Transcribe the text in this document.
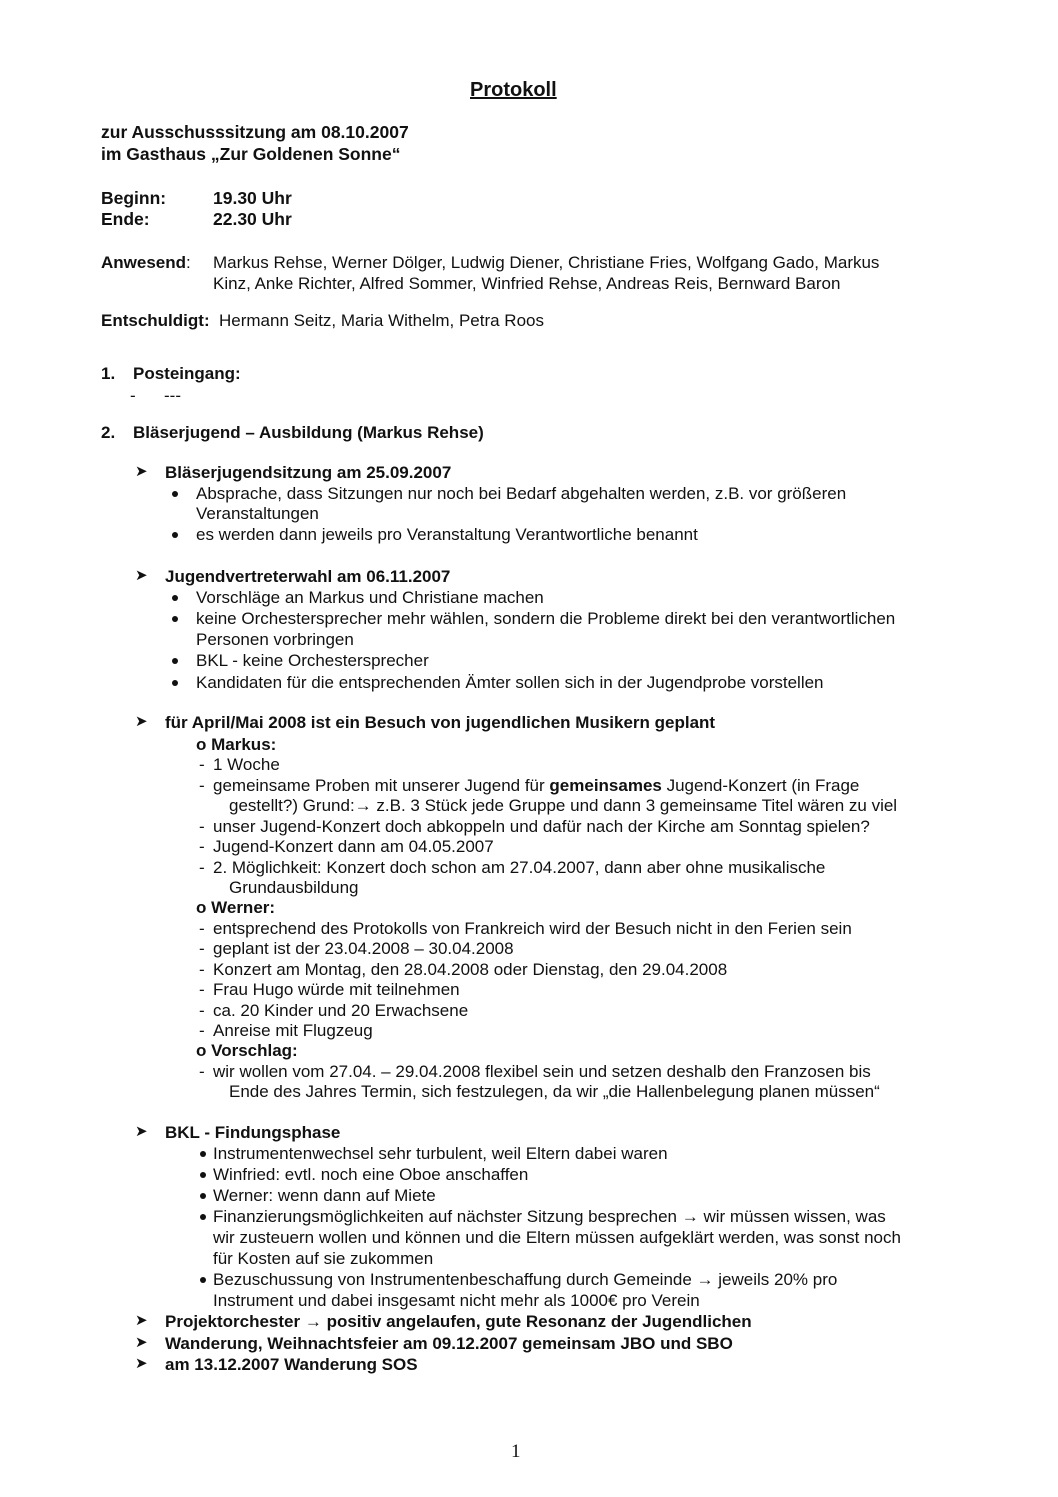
Protokoll
zur Ausschusssitzung am 08.10.2007
im Gasthaus „Zur Goldenen Sonne“
Beginn:	19.30 Uhr
Ende:	22.30 Uhr
Anwesend: Markus Rehse, Werner Dölger, Ludwig Diener, Christiane Fries, Wolfgang Gado, Markus
Kinz, Anke Richter, Alfred Sommer, Winfried Rehse, Andreas Reis, Bernward Baron
Entschuldigt: Hermann Seitz, Maria Withelm, Petra Roos
1. Posteingang:
- ---
2. Bläserjugend – Ausbildung (Markus Rehse)
➤ Bläserjugendsitzung am 25.09.2007
Absprache, dass Sitzungen nur noch bei Bedarf abgehalten werden, z.B. vor größeren
Veranstaltungen
es werden dann jeweils pro Veranstaltung Verantwortliche benannt
➤ Jugendvertreterwahl am 06.11.2007
Vorschläge an Markus und Christiane machen
keine Orchestersprecher mehr wählen, sondern die Probleme direkt bei den verantwortlichen
Personen vorbringen
BKL - keine Orchestersprecher
Kandidaten für die entsprechenden Ämter sollen sich in der Jugendprobe vorstellen
➤ für April/Mai 2008 ist ein Besuch von jugendlichen Musikern geplant
o Markus:
- 1 Woche
- gemeinsame Proben mit unserer Jugend für gemeinsames Jugend-Konzert (in Frage
gestellt?) Grund:→ z.B. 3 Stück jede Gruppe und dann 3 gemeinsame Titel wären zu viel
- unser Jugend-Konzert doch abkoppeln und dafür nach der Kirche am Sonntag spielen?
- Jugend-Konzert dann am 04.05.2007
- 2. Möglichkeit: Konzert doch schon am 27.04.2007, dann aber ohne musikalische
Grundausbildung
o Werner:
- entsprechend des Protokolls von Frankreich wird der Besuch nicht in den Ferien sein
- geplant ist der 23.04.2008 – 30.04.2008
- Konzert am Montag, den 28.04.2008 oder Dienstag, den 29.04.2008
- Frau Hugo würde mit teilnehmen
- ca. 20 Kinder und 20 Erwachsene
- Anreise mit Flugzeug
o Vorschlag:
- wir wollen vom 27.04. – 29.04.2008 flexibel sein und setzen deshalb den Franzosen bis
Ende des Jahres Termin, sich festzulegen, da wir „die Hallenbelegung planen müssen“
➤ BKL - Findungsphase
Instrumentenwechsel sehr turbulent, weil Eltern dabei waren
Winfried: evtl. noch eine Oboe anschaffen
Werner: wenn dann auf Miete
Finanzierungsmöglichkeiten auf nächster Sitzung besprechen → wir müssen wissen, was
wir zusteuern wollen und können und die Eltern müssen aufgeklärt werden, was sonst noch
für Kosten auf sie zukommen
Bezuschussung von Instrumentenbeschaffung durch Gemeinde → jeweils 20% pro
Instrument und dabei insgesamt nicht mehr als 1000€ pro Verein
➤ Projektorchester → positiv angelaufen, gute Resonanz der Jugendlichen
➤ Wanderung, Weihnachtsfeier am 09.12.2007 gemeinsam JBO und SBO
➤ am 13.12.2007 Wanderung SOS
1
